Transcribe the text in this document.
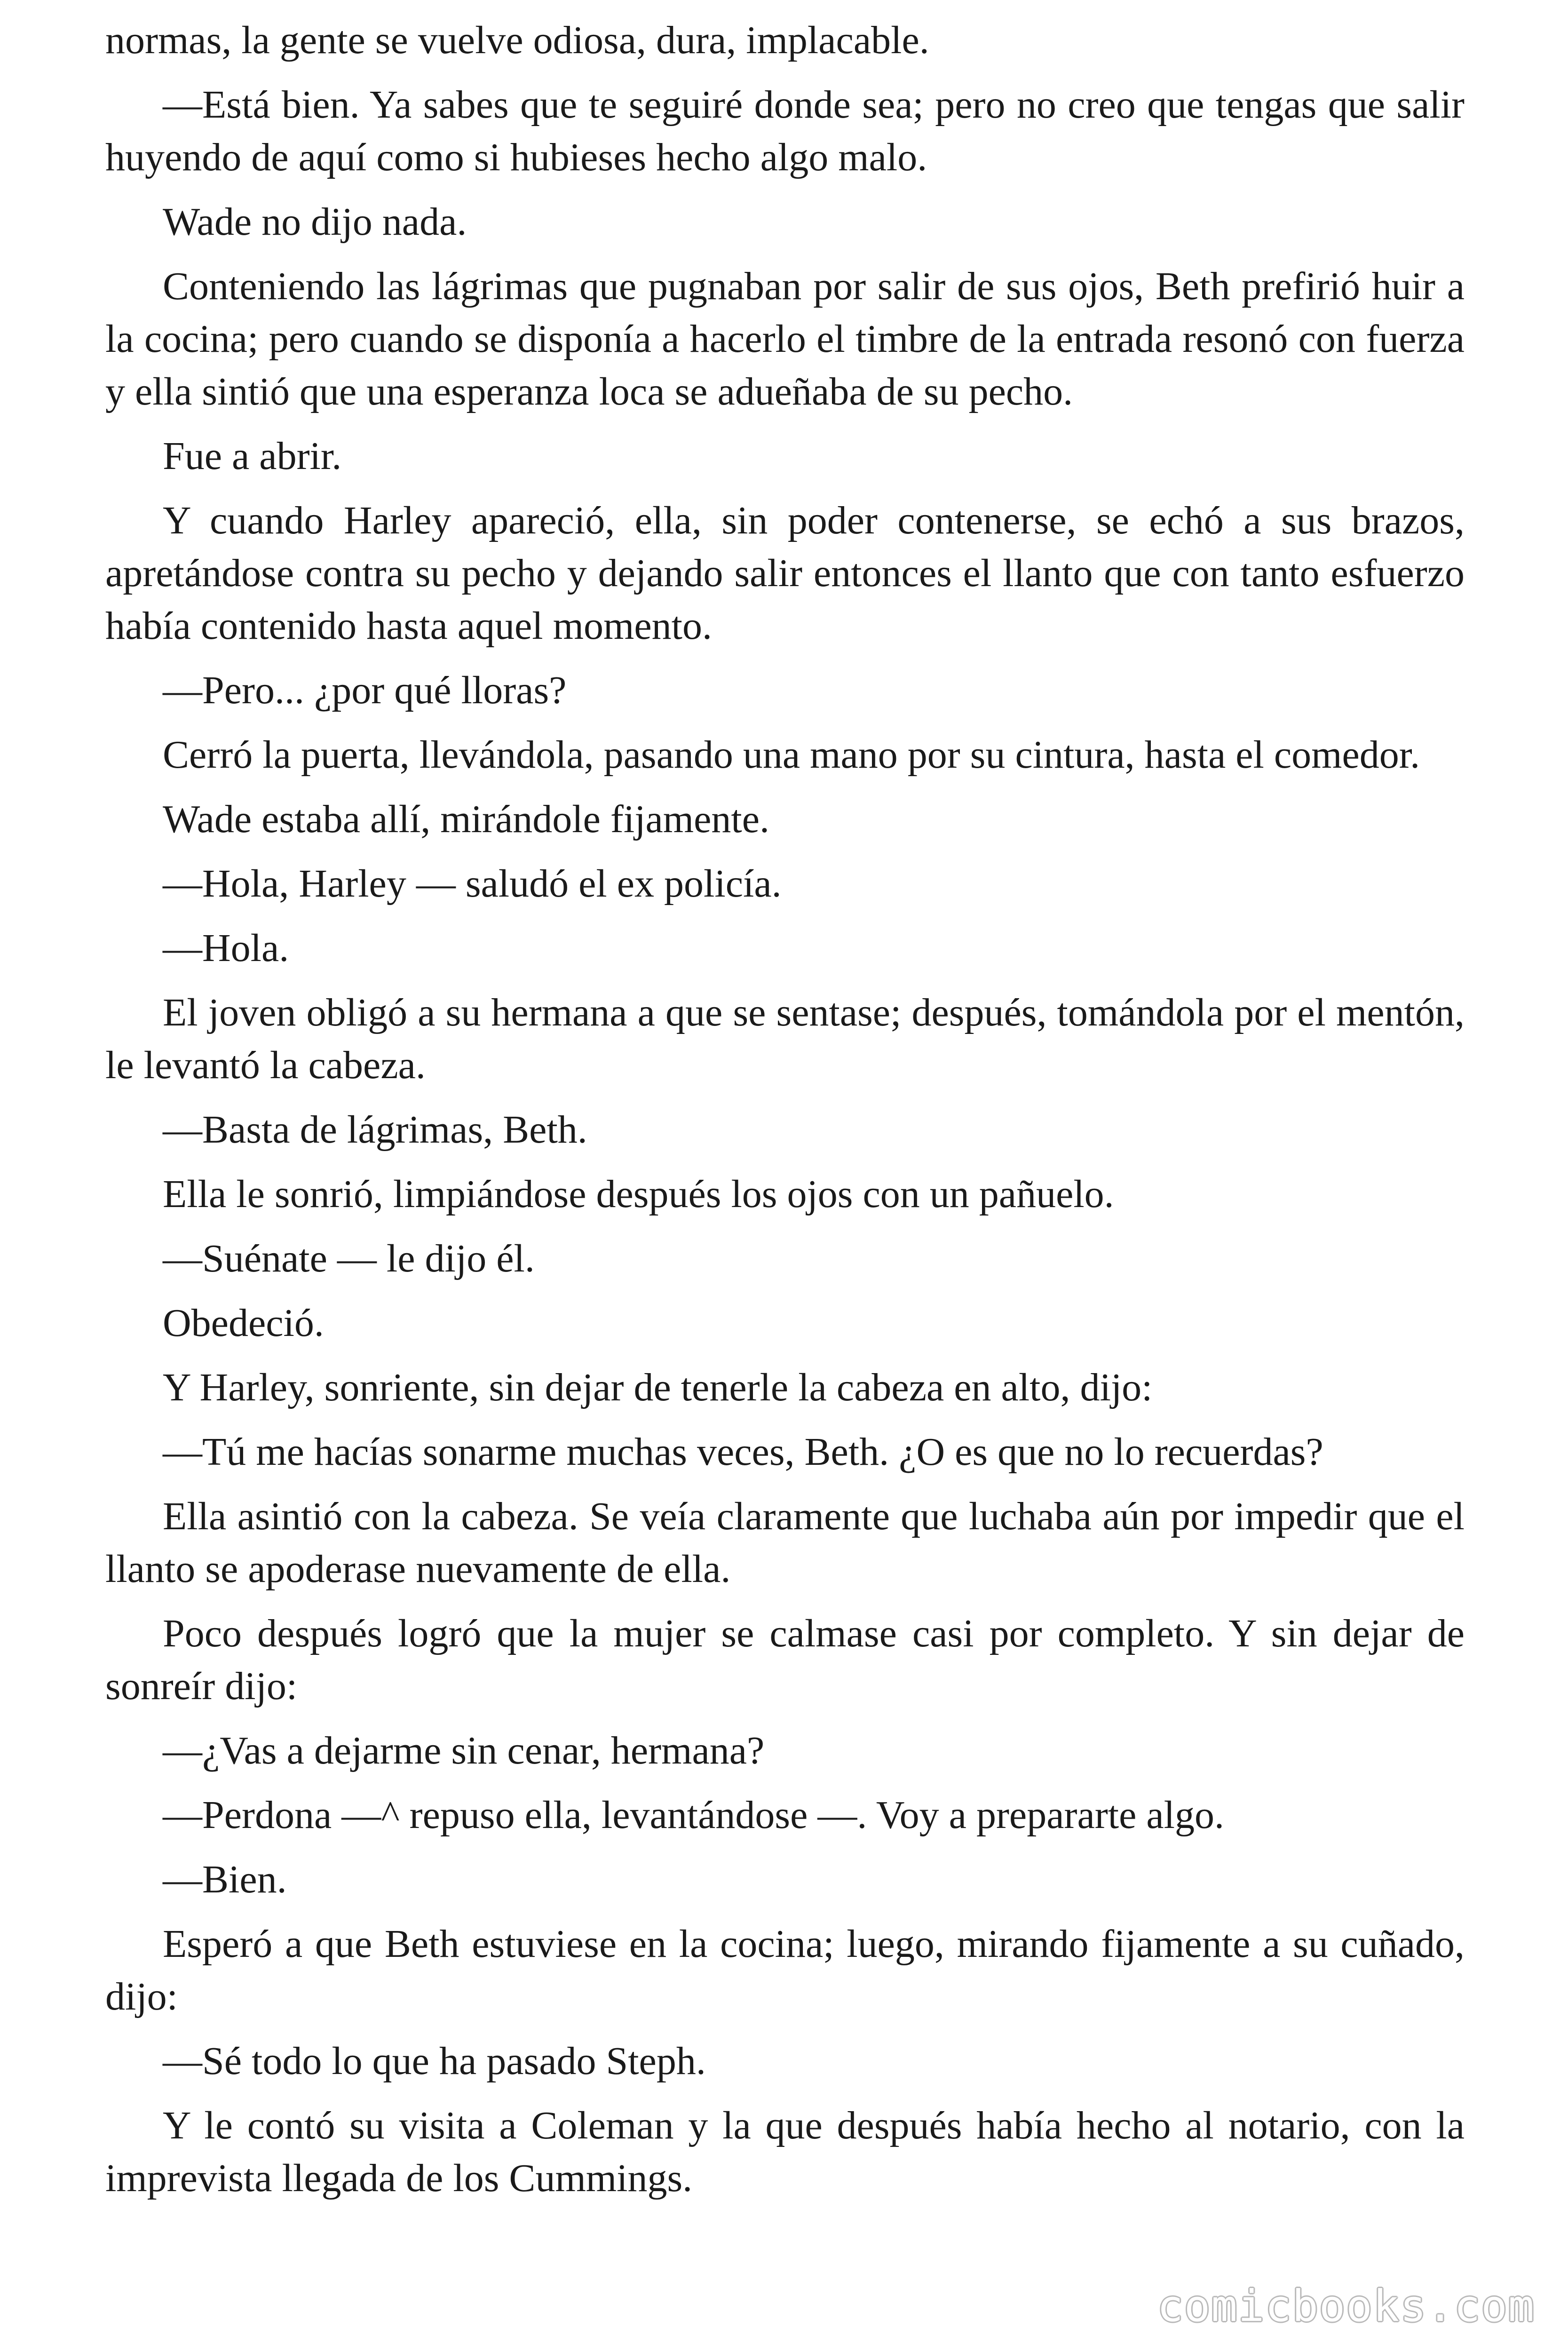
normas, la gente se vuelve odiosa, dura, implacable.

—Está bien. Ya sabes que te seguiré donde sea; pero no creo que tengas que salir huyendo de aquí como si hubieses hecho algo malo.

Wade no dijo nada.

Conteniendo las lágrimas que pugnaban por salir de sus ojos, Beth prefirió huir a la cocina; pero cuando se disponía a hacerlo el timbre de la entrada resonó con fuerza y ella sintió que una esperanza loca se adueñaba de su pecho.

Fue a abrir.

Y cuando Harley apareció, ella, sin poder contenerse, se echó a sus brazos, apretándose contra su pecho y dejando salir entonces el llanto que con tanto esfuerzo había contenido hasta aquel momento.

—Pero... ¿por qué lloras?

Cerró la puerta, llevándola, pasando una mano por su cintura, hasta el comedor.

Wade estaba allí, mirándole fijamente.

—Hola, Harley — saludó el ex policía.

—Hola.

El joven obligó a su hermana a que se sentase; después, tomándola por el mentón, le levantó la cabeza.

—Basta de lágrimas, Beth.

Ella le sonrió, limpiándose después los ojos con un pañuelo.

—Suénate — le dijo él.

Obedeció.

Y Harley, sonriente, sin dejar de tenerle la cabeza en alto, dijo:

—Tú me hacías sonarme muchas veces, Beth. ¿O es que no lo recuerdas?

Ella asintió con la cabeza. Se veía claramente que luchaba aún por impedir que el llanto se apoderase nuevamente de ella.

Poco después logró que la mujer se calmase casi por completo. Y sin dejar de sonreír dijo:

—¿Vas a dejarme sin cenar, hermana?

—Perdona —^ repuso ella, levantándose —. Voy a prepararte algo.

—Bien.

Esperó a que Beth estuviese en la cocina; luego, mirando fijamente a su cuñado, dijo:

—Sé todo lo que ha pasado Steph.

Y le contó su visita a Coleman y la que después había hecho al notario, con la imprevista llegada de los Cummings.

comicbooks.com
